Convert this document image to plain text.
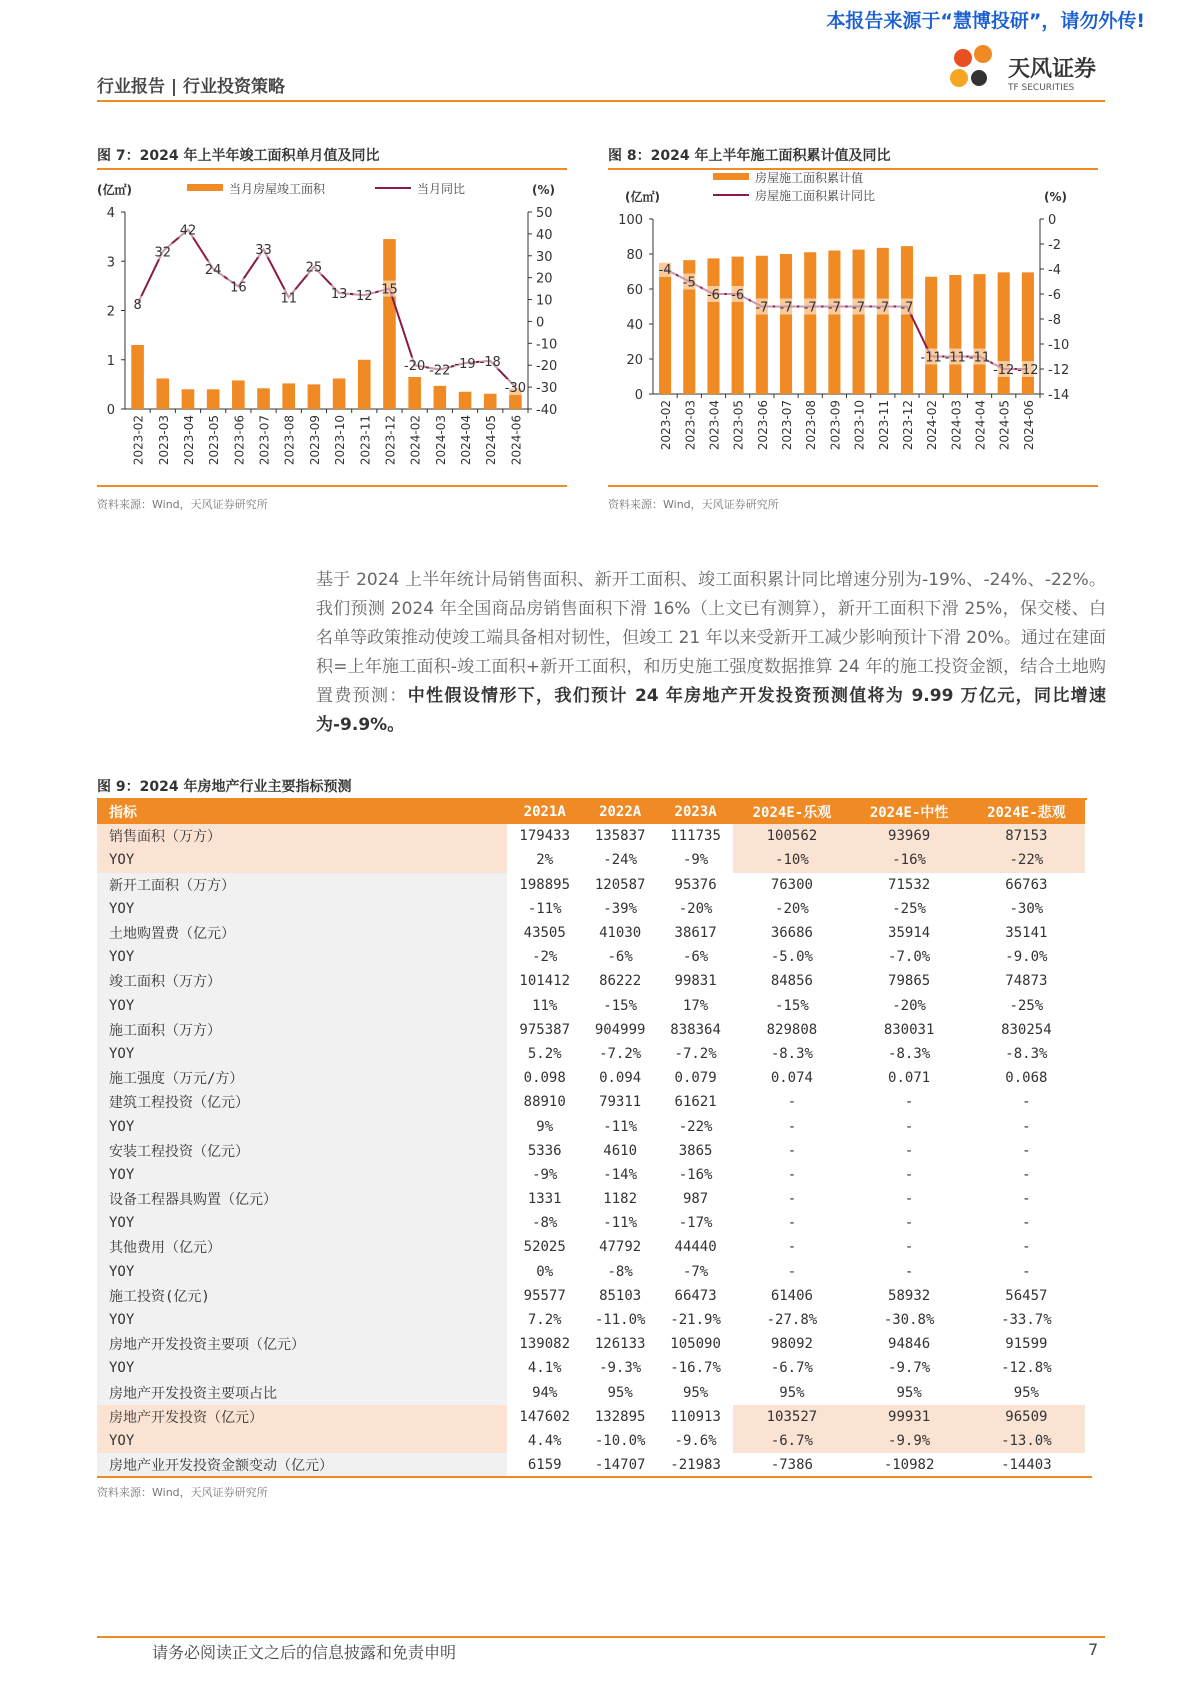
本报告来源于“慧博投研”，请勿外传!
行业报告 | 行业投资策略
天风证券
TF SECURITIES
图 7：2024 年上半年竣工面积单月值及同比
(亿㎡)	(%)
当月房屋竣工面积	当月同比
0
1
2
3
4
-40
-30
-20
-10
0
10
20
30
40
50
2023-02 2023-03 2023-04 2023-05 2023-06 2023-07 2023-08 2023-09 2023-10 2023-11 2023-12 2024-02 2024-03 2024-04 2024-05 2024-06
8
32
42
24
16
33
11
25
13 12 15
-20 -22 -19 -18
-30
资料来源：Wind，天风证券研究所
图 8：2024 年上半年施工面积累计值及同比
(亿㎡)	(%)
房屋施工面积累计值
房屋施工面积累计同比
0
20
40
60
80
100
-14
-12
-10
-8
-6
-4
-2
0
2023-02 2023-03 2023-04 2023-05 2023-06 2023-07 2023-08 2023-09 2023-10 2023-11 2023-12 2024-02 2024-03 2024-04 2024-05 2024-06
-4
-5
-6 -6
-7 -7 -7 -7 -7 -7 -7
-11 -11 -11
-12 -12
资料来源：Wind，天风证券研究所
基于 2024 上半年统计局销售面积、新开工面积、竣工面积累计同比增速分别为-19%、-24%、-22%。我们预测 2024 年全国商品房销售面积下滑 16%（上文已有测算），新开工面积下滑 25%，保交楼、白名单等政策推动使竣工端具备相对韧性，但竣工 21 年以来受新开工减少影响预计下滑 20%。通过在建面积=上年施工面积-竣工面积+新开工面积，和历史施工强度数据推算 24 年的施工投资金额，结合土地购置费预测：中性假设情形下，我们预计 24 年房地产开发投资预测值将为 9.99 万亿元，同比增速为-9.9%。
图 9：2024 年房地产行业主要指标预测
指标	2021A	2022A	2023A	2024E-乐观	2024E-中性	2024E-悲观
销售面积（万方）	179433	135837	111735	100562	93969	87153
YOY	2%	-24%	-9%	-10%	-16%	-22%
新开工面积（万方）	198895	120587	95376	76300	71532	66763
YOY	-11%	-39%	-20%	-20%	-25%	-30%
土地购置费（亿元）	43505	41030	38617	36686	35914	35141
YOY	-2%	-6%	-6%	-5.0%	-7.0%	-9.0%
竣工面积（万方）	101412	86222	99831	84856	79865	74873
YOY	11%	-15%	17%	-15%	-20%	-25%
施工面积（万方）	975387	904999	838364	829808	830031	830254
YOY	5.2%	-7.2%	-7.2%	-8.3%	-8.3%	-8.3%
施工强度（万元/方）	0.098	0.094	0.079	0.074	0.071	0.068
建筑工程投资（亿元）	88910	79311	61621	-	-	-
YOY	9%	-11%	-22%	-	-	-
安装工程投资（亿元）	5336	4610	3865	-	-	-
YOY	-9%	-14%	-16%	-	-	-
设备工程器具购置（亿元）	1331	1182	987	-	-	-
YOY	-8%	-11%	-17%	-	-	-
其他费用（亿元）	52025	47792	44440	-	-	-
YOY	0%	-8%	-7%	-	-	-
施工投资(亿元)	95577	85103	66473	61406	58932	56457
YOY	7.2%	-11.0%	-21.9%	-27.8%	-30.8%	-33.7%
房地产开发投资主要项（亿元）	139082	126133	105090	98092	94846	91599
YOY	4.1%	-9.3%	-16.7%	-6.7%	-9.7%	-12.8%
房地产开发投资主要项占比	94%	95%	95%	95%	95%	95%
房地产开发投资（亿元）	147602	132895	110913	103527	99931	96509
YOY	4.4%	-10.0%	-9.6%	-6.7%	-9.9%	-13.0%
房地产业开发投资金额变动（亿元）	6159	-14707	-21983	-7386	-10982	-14403
资料来源：Wind，天风证券研究所
请务必阅读正文之后的信息披露和免责申明	7
